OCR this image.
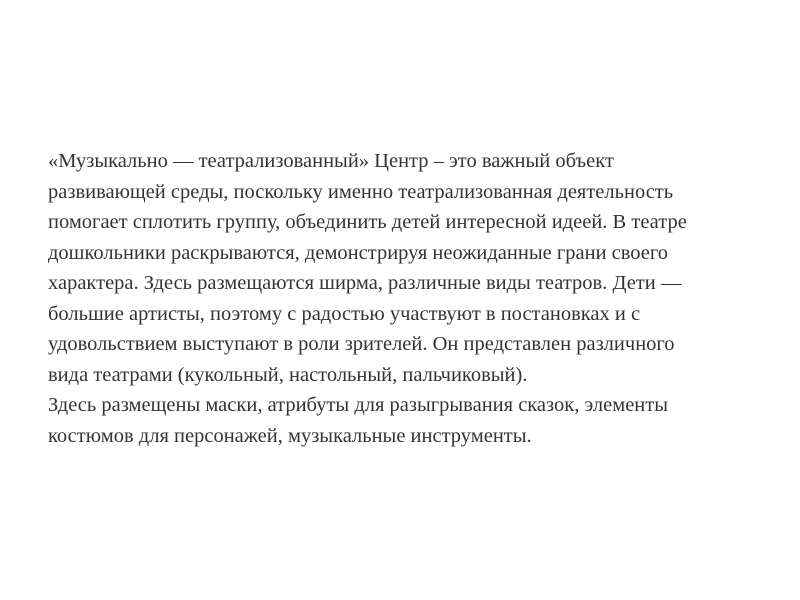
«Музыкально — театрализованный» Центр – это важный объект
развивающей среды, поскольку именно театрализованная деятельность
помогает сплотить группу, объединить детей интересной идеей. В театре
дошкольники раскрываются, демонстрируя неожиданные грани своего
характера. Здесь размещаются ширма, различные виды театров. Дети —
большие артисты, поэтому с радостью участвуют в постановках и с
удовольствием выступают в роли зрителей. Он представлен различного
вида театрами (кукольный, настольный, пальчиковый).
Здесь размещены маски, атрибуты для разыгрывания сказок, элементы
костюмов для персонажей, музыкальные инструменты.
